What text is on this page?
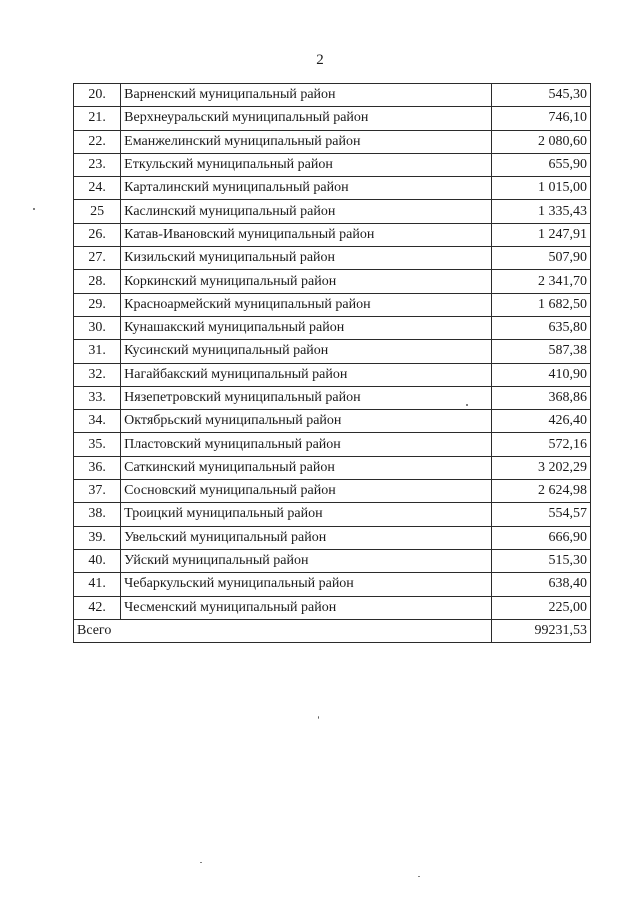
2
20.	Варненский муниципальный район	545,30
21.	Верхнеуральский муниципальный район	746,10
22.	Еманжелинский муниципальный район	2 080,60
23.	Еткульский муниципальный район	655,90
24.	Карталинский муниципальный район	1 015,00
25	Каслинский муниципальный район	1 335,43
26.	Катав-Ивановский муниципальный район	1 247,91
27.	Кизильский муниципальный район	507,90
28.	Коркинский муниципальный район	2 341,70
29.	Красноармейский муниципальный район	1 682,50
30.	Кунашакский муниципальный район	635,80
31.	Кусинский муниципальный район	587,38
32.	Нагайбакский муниципальный район	410,90
33.	Нязепетровский муниципальный район	368,86
34.	Октябрьский муниципальный район	426,40
35.	Пластовский муниципальный район	572,16
36.	Саткинский муниципальный район	3 202,29
37.	Сосновский муниципальный район	2 624,98
38.	Троицкий муниципальный район	554,57
39.	Увельский муниципальный район	666,90
40.	Уйский муниципальный район	515,30
41.	Чебаркульский муниципальный район	638,40
42.	Чесменский муниципальный район	225,00
Всего		99231,53
